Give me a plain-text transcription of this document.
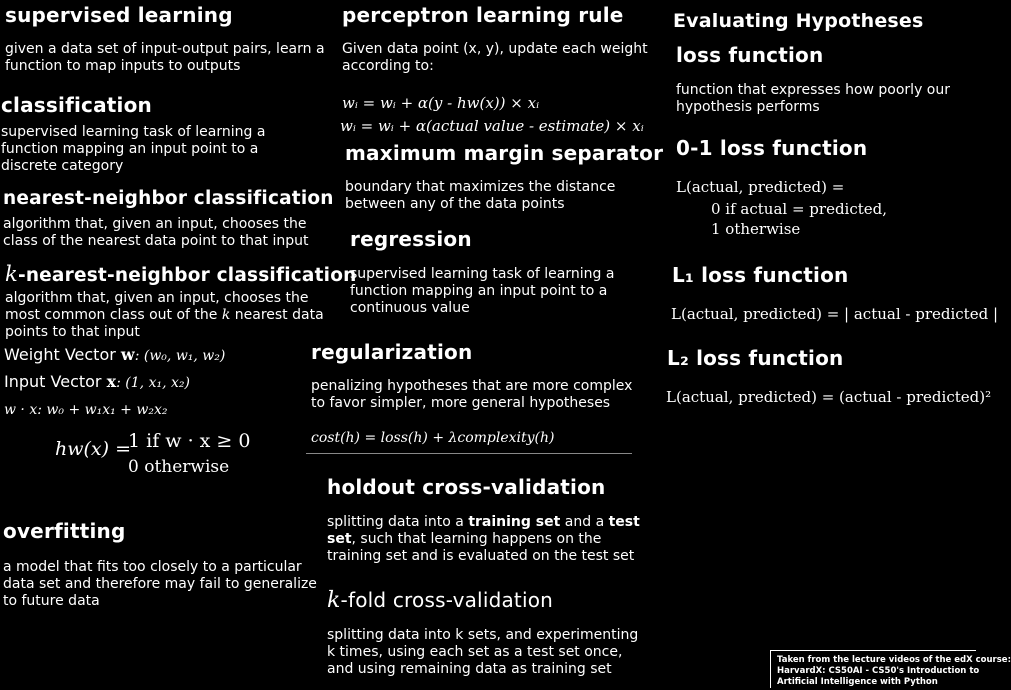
supervised learning
given a data set of input-output pairs, learn a function to map inputs to outputs
classification
supervised learning task of learning a function mapping an input point to a discrete category
nearest-neighbor classification
algorithm that, given an input, chooses the class of the nearest data point to that input
k-nearest-neighbor classification
algorithm that, given an input, chooses the most common class out of the k nearest data points to that input
Weight Vector w: (w₀, w₁, w₂)
Input Vector x: (1, x₁, x₂)
w · x: w₀ + w₁x₁ + w₂x₂
hw(x) =
1 if w · x ≥ 0
0 otherwise
overfitting
a model that fits too closely to a particular data set and therefore may fail to generalize to future data
perceptron learning rule
Given data point (x, y), update each weight according to:
wᵢ = wᵢ + α(y - hw(x)) × xᵢ
wᵢ = wᵢ + α(actual value - estimate) × xᵢ
maximum margin separator
boundary that maximizes the distance between any of the data points
regression
supervised learning task of learning a function mapping an input point to a continuous value
regularization
penalizing hypotheses that are more complex to favor simpler, more general hypotheses
cost(h) = loss(h) + λcomplexity(h)
holdout cross-validation
splitting data into a training set and a test set, such that learning happens on the training set and is evaluated on the test set
k-fold cross-validation
splitting data into k sets, and experimenting k times, using each set as a test set once, and using remaining data as training set
Evaluating Hypotheses
loss function
function that expresses how poorly our hypothesis performs
0-1 loss function
L(actual, predicted) =
0 if actual = predicted,
1 otherwise
L₁ loss function
L(actual, predicted) = | actual - predicted |
L₂ loss function
L(actual, predicted) = (actual - predicted)²
Taken from the lecture videos of the edX course:
HarvardX: CS50AI - CS50's Introduction to
Artificial Intelligence with Python
